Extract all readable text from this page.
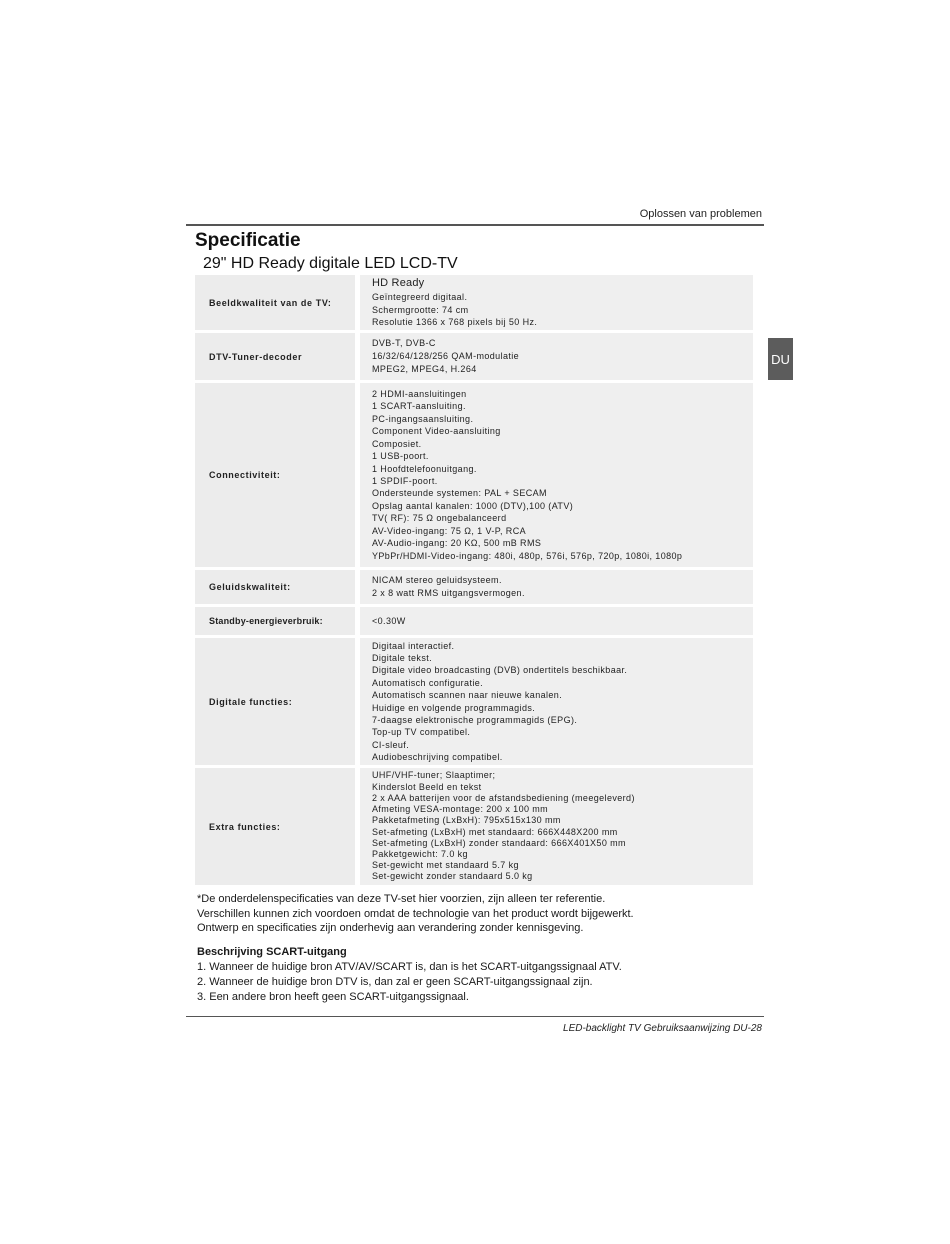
Oplossen van problemen
Specificatie
29" HD Ready digitale LED LCD-TV
DU
Beeldkwaliteit van de TV:
HD Ready
Geïntegreerd digitaal.
Schermgrootte: 74 cm
Resolutie 1366 x 768 pixels bij 50 Hz.
DTV-Tuner-decoder
DVB-T, DVB-C
16/32/64/128/256 QAM-modulatie
MPEG2, MPEG4, H.264
Connectiviteit:
2 HDMI-aansluitingen
1 SCART-aansluiting.
PC-ingangsaansluiting.
Component Video-aansluiting
Composiet.
1 USB-poort.
1 Hoofdtelefoonuitgang.
1 SPDIF-poort.
Ondersteunde systemen: PAL + SECAM
Opslag aantal kanalen: 1000 (DTV),100 (ATV)
TV( RF): 75 Ω ongebalanceerd
AV-Video-ingang: 75 Ω, 1 V-P, RCA
AV-Audio-ingang: 20 KΩ, 500 mB RMS
YPbPr/HDMI-Video-ingang: 480i, 480p, 576i, 576p, 720p, 1080i, 1080p
Geluidskwaliteit:
NICAM stereo geluidsysteem.
2 x 8 watt RMS uitgangsvermogen.
Standby-energieverbruik:	<0.30W
Digitale functies:
Digitaal interactief.
Digitale tekst.
Digitale video broadcasting (DVB) ondertitels beschikbaar.
Automatisch configuratie.
Automatisch scannen naar nieuwe kanalen.
Huidige en volgende programmagids.
7-daagse elektronische programmagids (EPG).
Top-up TV compatibel.
CI-sleuf.
Audiobeschrijving compatibel.
Extra functies:
UHF/VHF-tuner; Slaaptimer;
Kinderslot Beeld en tekst
2 x AAA batterijen voor de afstandsbediening (meegeleverd)
Afmeting VESA-montage: 200 x 100 mm
Pakketafmeting (LxBxH): 795x515x130 mm
Set-afmeting (LxBxH) met standaard: 666X448X200 mm
Set-afmeting (LxBxH) zonder standaard: 666X401X50 mm
Pakketgewicht: 7.0 kg
Set-gewicht met standaard 5.7 kg
Set-gewicht zonder standaard 5.0 kg
*De onderdelenspecificaties van deze TV-set hier voorzien, zijn alleen ter referentie.
Verschillen kunnen zich voordoen omdat de technologie van het product wordt bijgewerkt.
Ontwerp en specificaties zijn onderhevig aan verandering zonder kennisgeving.
Beschrijving SCART-uitgang
1. Wanneer de huidige bron ATV/AV/SCART is, dan is het SCART-uitgangssignaal ATV.
2. Wanneer de huidige bron DTV is, dan zal er geen SCART-uitgangssignaal zijn.
3. Een andere bron heeft geen SCART-uitgangssignaal.
LED-backlight TV Gebruiksaanwijzing DU-28
